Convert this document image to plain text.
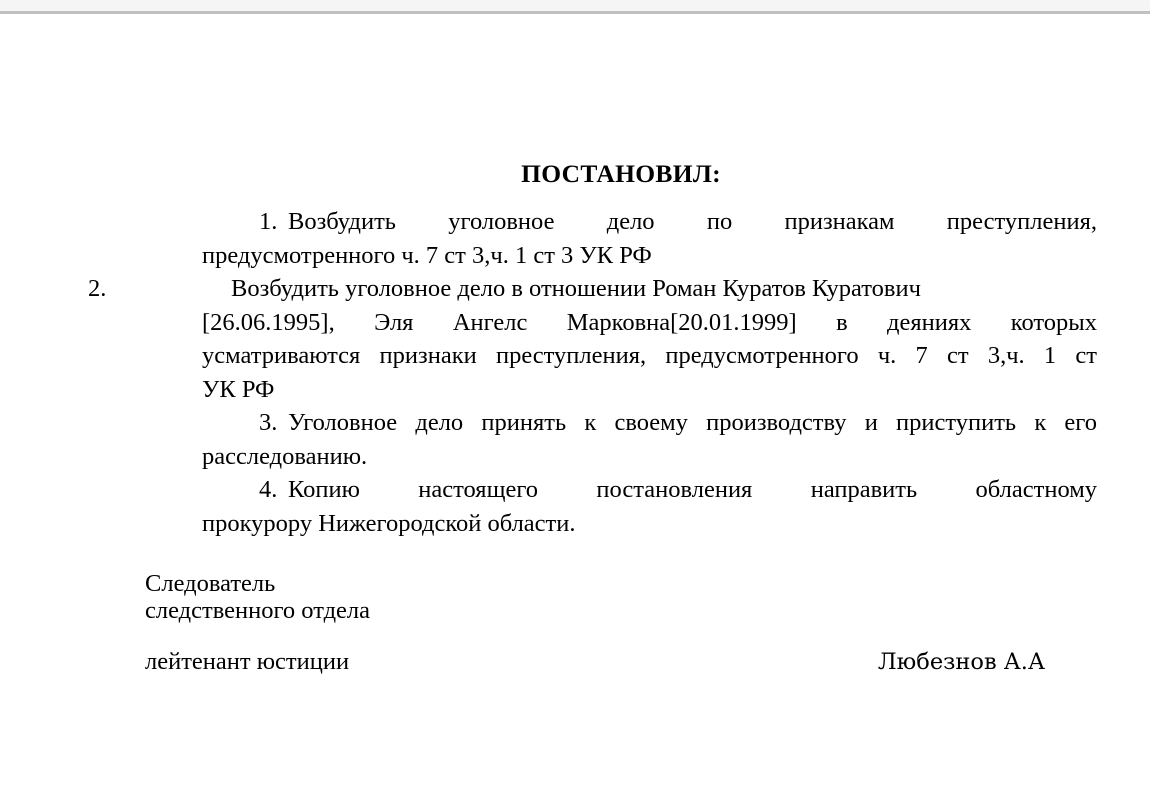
ПОСТАНОВИЛ:

1. Возбудить уголовное дело по признакам преступления,
предусмотренного ч. 7 ст 3,ч. 1 ст 3 УК РФ

2.	Возбудить уголовное дело в отношении Роман Куратов Куратович
[26.06.1995], Эля Ангелс Марковна[20.01.1999] в деяниях которых
усматриваются признаки преступления, предусмотренного ч. 7 ст 3,ч. 1 ст
УК РФ

3. Уголовное дело принять к своему производству и приступить к его
расследованию.

4. Копию настоящего постановления направить областному
прокурору Нижегородской области.

Следователь

следственного отдела

лейтенант юстиции	Любезнов А.А
